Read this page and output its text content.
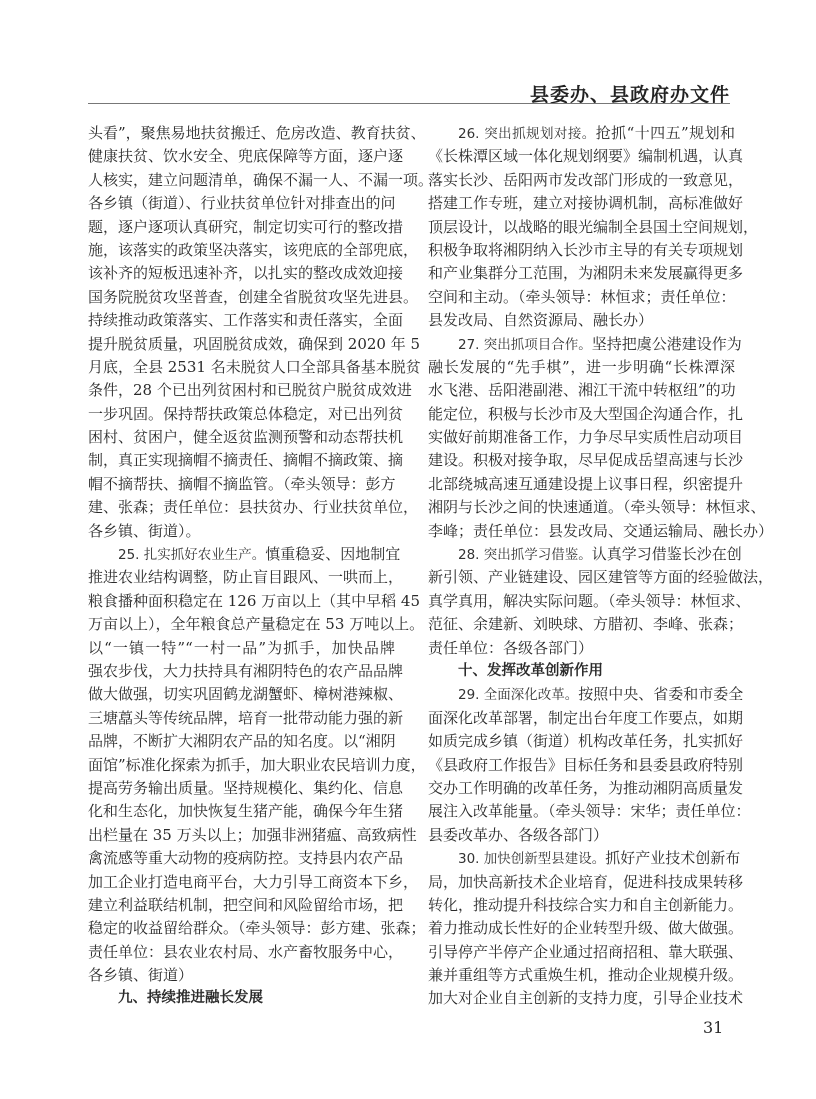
县委办、县政府办文件
头看”，聚焦易地扶贫搬迁、危房改造、教育扶贫、
健康扶贫、饮水安全、兜底保障等方面，逐户逐
人核实，建立问题清单，确保不漏一人、不漏一项。
各乡镇（街道）、行业扶贫单位针对排查出的问
题，逐户逐项认真研究，制定切实可行的整改措
施，该落实的政策坚决落实，该兜底的全部兜底，
该补齐的短板迅速补齐，以扎实的整改成效迎接
国务院脱贫攻坚普查，创建全省脱贫攻坚先进县。
持续推动政策落实、工作落实和责任落实，全面
提升脱贫质量，巩固脱贫成效，确保到 2020 年 5
月底，全县 2531 名未脱贫人口全部具备基本脱贫
条件，28 个已出列贫困村和已脱贫户脱贫成效进
一步巩固。保持帮扶政策总体稳定，对已出列贫
困村、贫困户，健全返贫监测预警和动态帮扶机
制，真正实现摘帽不摘责任、摘帽不摘政策、摘
帽不摘帮扶、摘帽不摘监管。（牵头领导：彭方
建、张森；责任单位：县扶贫办、行业扶贫单位，
各乡镇、街道）。
25. 扎实抓好农业生产。慎重稳妥、因地制宜
推进农业结构调整，防止盲目跟风、一哄而上，
粮食播种面积稳定在 126 万亩以上（其中早稻 45
万亩以上），全年粮食总产量稳定在 53 万吨以上。
以“一镇一特”“一村一品”为抓手，加快品牌
强农步伐，大力扶持具有湘阴特色的农产品品牌
做大做强，切实巩固鹤龙湖蟹虾、樟树港辣椒、
三塘藠头等传统品牌，培育一批带动能力强的新
品牌，不断扩大湘阴农产品的知名度。以“湘阴
面馆”标准化探索为抓手，加大职业农民培训力度，
提高劳务输出质量。坚持规模化、集约化、信息
化和生态化，加快恢复生猪产能，确保今年生猪
出栏量在 35 万头以上；加强非洲猪瘟、高致病性
禽流感等重大动物的疫病防控。支持县内农产品
加工企业打造电商平台，大力引导工商资本下乡，
建立利益联结机制，把空间和风险留给市场，把
稳定的收益留给群众。（牵头领导：彭方建、张森；
责任单位：县农业农村局、水产畜牧服务中心，
各乡镇、街道）
九、持续推进融长发展
26. 突出抓规划对接。抢抓“十四五”规划和
《长株潭区域一体化规划纲要》编制机遇，认真
落实长沙、岳阳两市发改部门形成的一致意见，
搭建工作专班，建立对接协调机制，高标准做好
顶层设计，以战略的眼光编制全县国土空间规划，
积极争取将湘阴纳入长沙市主导的有关专项规划
和产业集群分工范围，为湘阴未来发展赢得更多
空间和主动。（牵头领导：林恒求；责任单位：
县发改局、自然资源局、融长办）
27. 突出抓项目合作。坚持把虞公港建设作为
融长发展的“先手棋”，进一步明确“长株潭深
水飞港、岳阳港副港、湘江干流中转枢纽”的功
能定位，积极与长沙市及大型国企沟通合作，扎
实做好前期准备工作，力争尽早实质性启动项目
建设。积极对接争取，尽早促成岳望高速与长沙
北部绕城高速互通建设提上议事日程，织密提升
湘阴与长沙之间的快速通道。（牵头领导：林恒求、
李峰；责任单位：县发改局、交通运输局、融长办）
28. 突出抓学习借鉴。认真学习借鉴长沙在创
新引领、产业链建设、园区建管等方面的经验做法，
真学真用，解决实际问题。（牵头领导：林恒求、
范征、余建新、刘映球、方腊初、李峰、张森；
责任单位：各级各部门）
十、发挥改革创新作用
29. 全面深化改革。按照中央、省委和市委全
面深化改革部署，制定出台年度工作要点，如期
如质完成乡镇（街道）机构改革任务，扎实抓好
《县政府工作报告》目标任务和县委县政府特别
交办工作明确的改革任务，为推动湘阴高质量发
展注入改革能量。（牵头领导：宋华；责任单位：
县委改革办、各级各部门）
30. 加快创新型县建设。抓好产业技术创新布
局，加快高新技术企业培育，促进科技成果转移
转化，推动提升科技综合实力和自主创新能力。
着力推动成长性好的企业转型升级、做大做强。
引导停产半停产企业通过招商招租、靠大联强、
兼并重组等方式重焕生机，推动企业规模升级。
加大对企业自主创新的支持力度，引导企业技术
31
